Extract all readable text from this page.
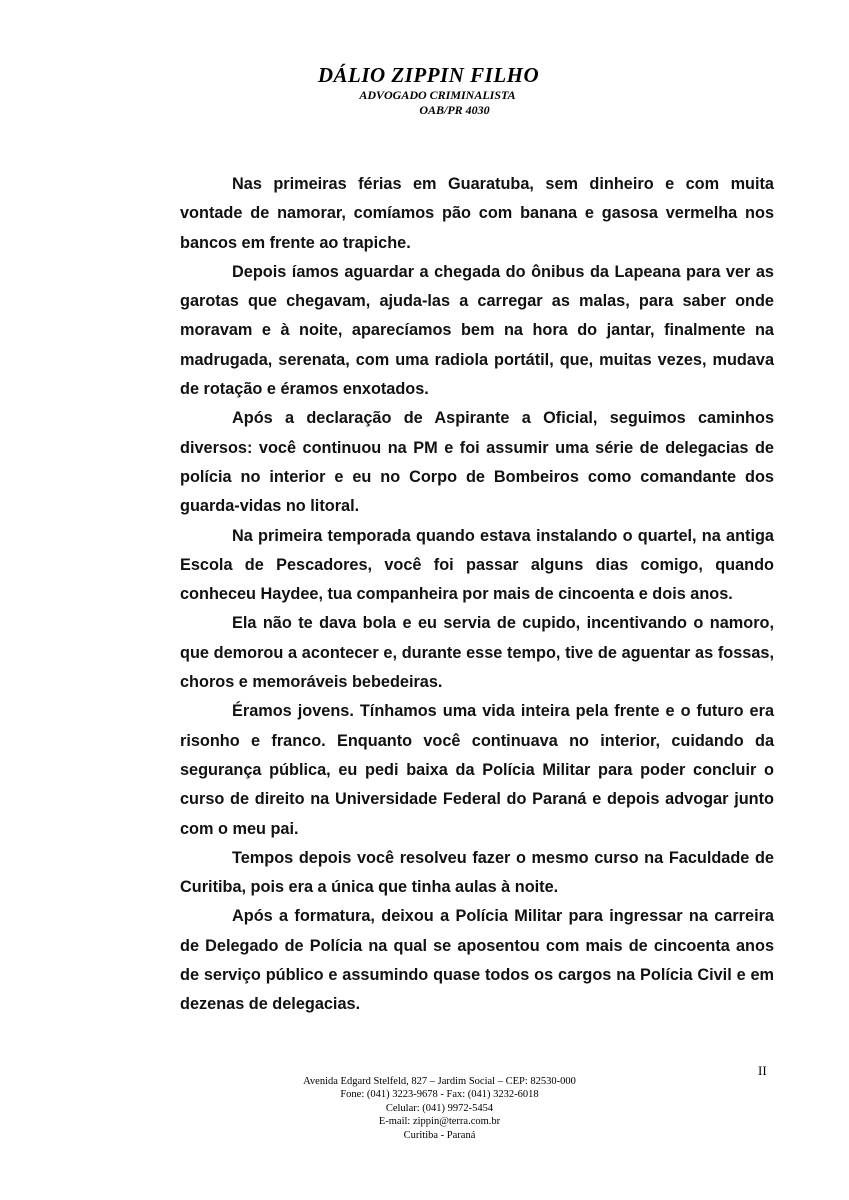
DÁLIO ZIPPIN FILHO
ADVOGADO CRIMINALISTA
OAB/PR 4030

Nas primeiras férias em Guaratuba, sem dinheiro e com muita vontade de namorar, comíamos pão com banana e gasosa vermelha nos bancos em frente ao trapiche.

Depois íamos aguardar a chegada do ônibus da Lapeana para ver as garotas que chegavam, ajuda-las a carregar as malas, para saber onde moravam e à noite, aparecíamos bem na hora do jantar, finalmente na madrugada, serenata, com uma radiola portátil, que, muitas vezes, mudava de rotação e éramos enxotados.

Após a declaração de Aspirante a Oficial, seguimos caminhos diversos: você continuou na PM e foi assumir uma série de delegacias de polícia no interior e eu no Corpo de Bombeiros como comandante dos guarda-vidas no litoral.

Na primeira temporada quando estava instalando o quartel, na antiga Escola de Pescadores, você foi passar alguns dias comigo, quando conheceu Haydee, tua companheira por mais de cincoenta e dois anos.

Ela não te dava bola e eu servia de cupido, incentivando o namoro, que demorou a acontecer e, durante esse tempo, tive de aguentar as fossas, choros e memoráveis bebedeiras.

Éramos jovens. Tínhamos uma vida inteira pela frente e o futuro era risonho e franco. Enquanto você continuava no interior, cuidando da segurança pública, eu pedi baixa da Polícia Militar para poder concluir o curso de direito na Universidade Federal do Paraná e depois advogar junto com o meu pai.

Tempos depois você resolveu fazer o mesmo curso na Faculdade de Curitiba, pois era a única que tinha aulas à noite.

Após a formatura, deixou a Polícia Militar para ingressar na carreira de Delegado de Polícia na qual se aposentou com mais de cincoenta anos de serviço público e assumindo quase todos os cargos na Polícia Civil e em dezenas de delegacias.

II
Avenida Edgard Stelfeld, 827 – Jardim Social – CEP: 82530-000
Fone: (041) 3223-9678 - Fax: (041) 3232-6018
Celular: (041) 9972-5454
E-mail: zippin@terra.com.br
Curitiba - Paraná
